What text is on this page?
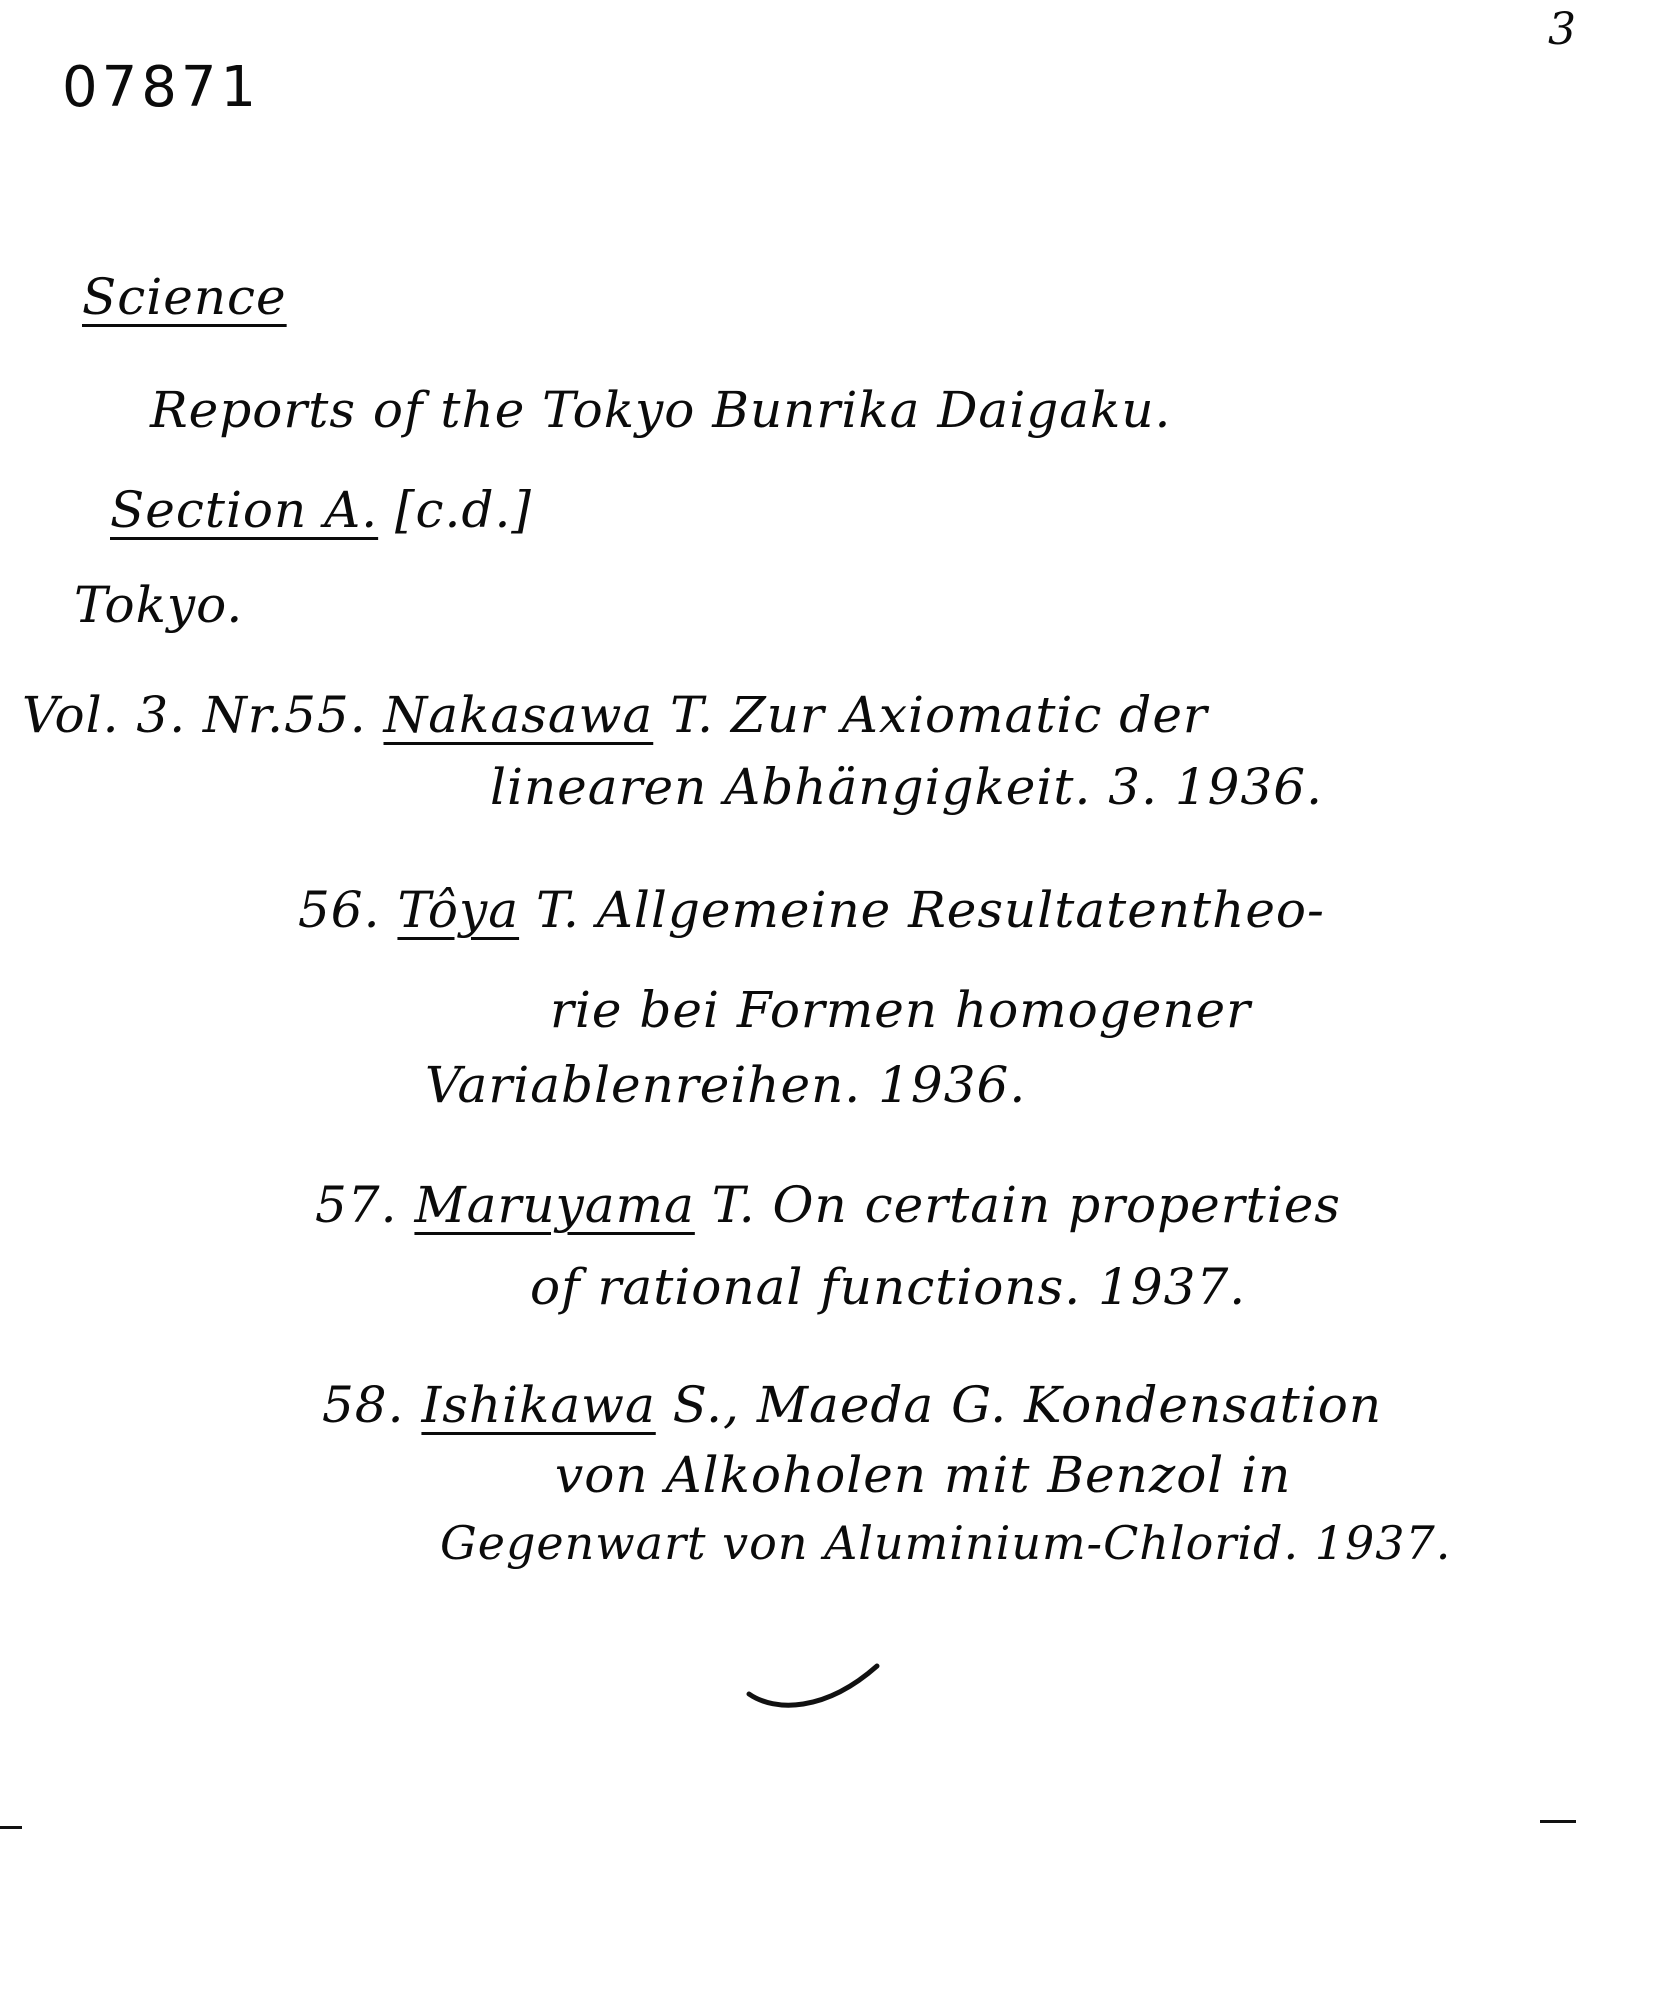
07871
3
Science
Reports of the Tokyo Bunrika Daigaku.
Section A. [c.d.]
Tokyo.
Vol. 3. Nr.55. Nakasawa T. Zur Axiomatic der
linearen Abhängigkeit. 3. 1936.
56. Tôya T. Allgemeine Resultatentheo-
rie bei Formen homogener
Variablenreihen. 1936.
57. Maruyama T. On certain properties
of rational functions. 1937.
58. Ishikawa S., Maeda G. Kondensation
von Alkoholen mit Benzol in
Gegenwart von Aluminium-Chlorid. 1937.
